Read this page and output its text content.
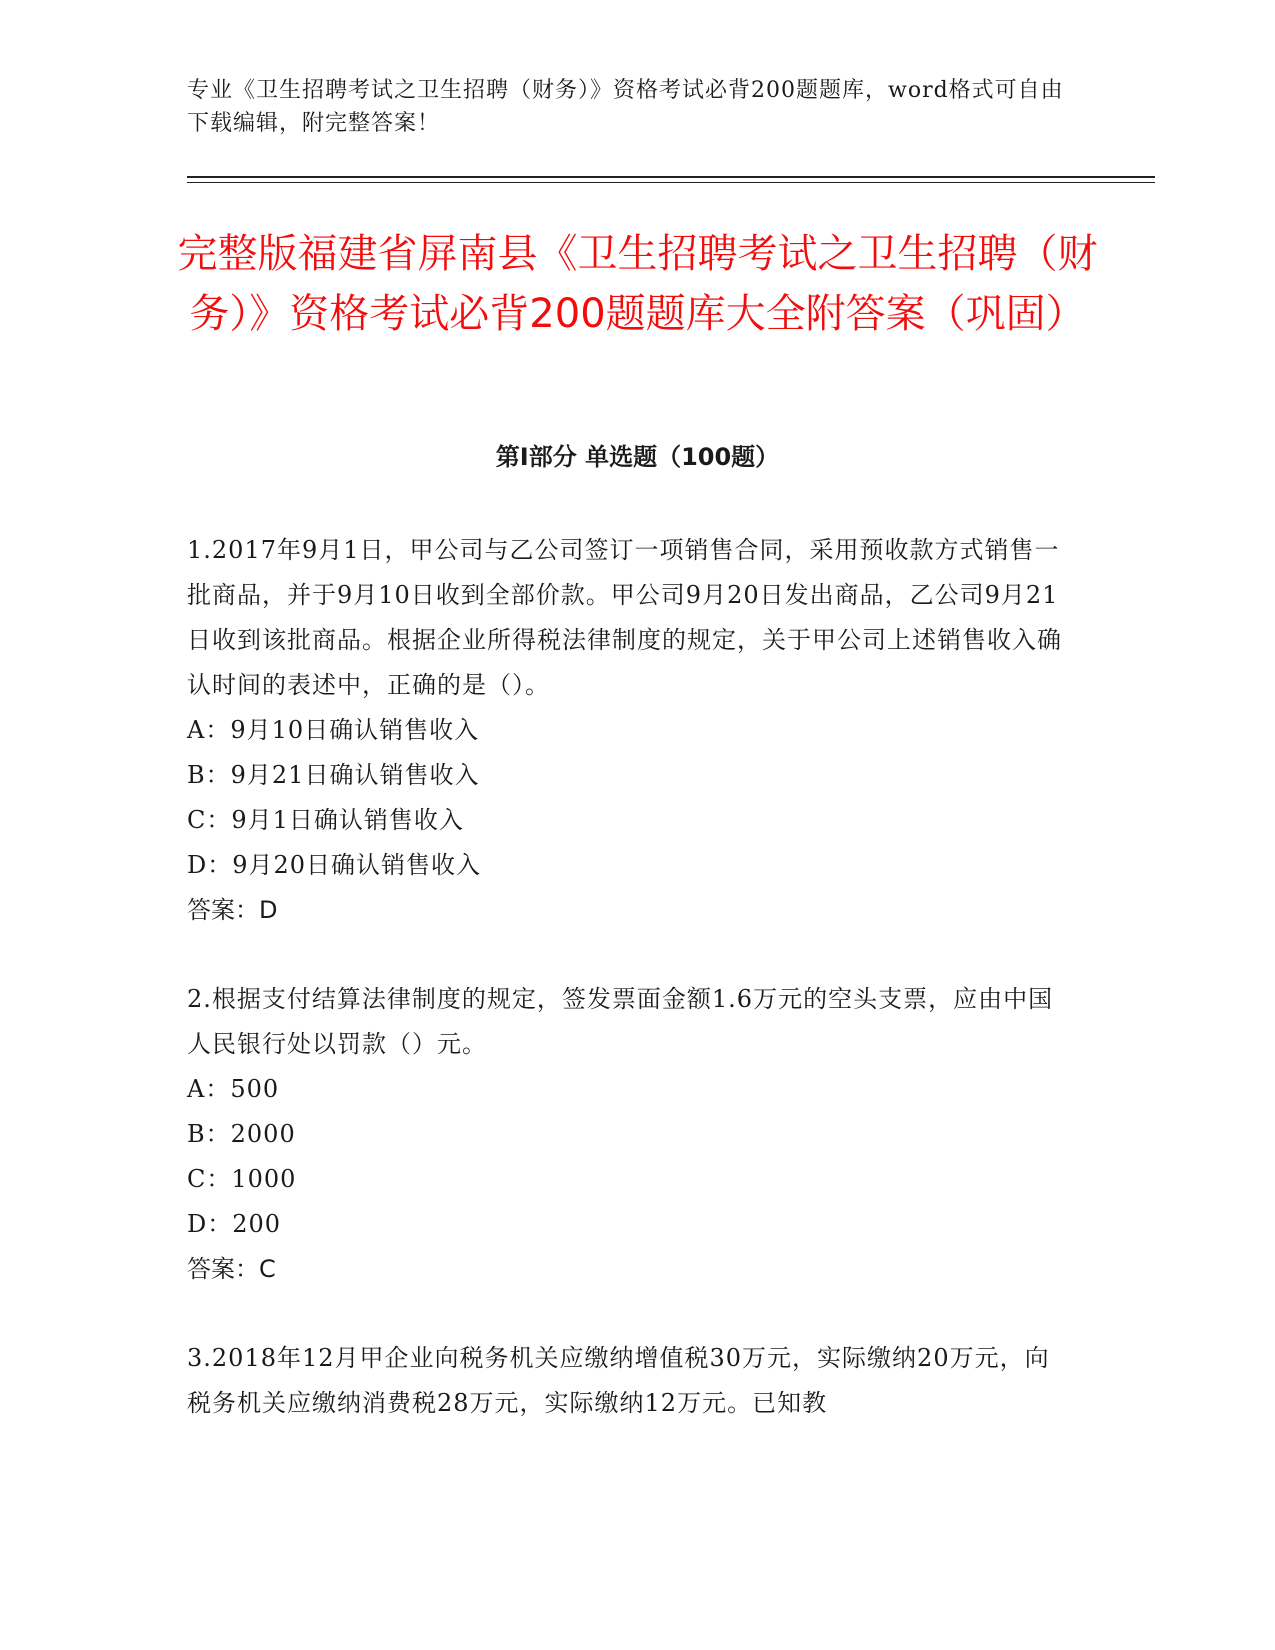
专业《卫生招聘考试之卫生招聘（财务）》资格考试必背200题题库，word格式可自由下载编辑，附完整答案！
完整版福建省屏南县《卫生招聘考试之卫生招聘（财务）》资格考试必背200题题库大全附答案（巩固）
第Ⅰ部分 单选题（100题）

1.2017年9月1日，甲公司与乙公司签订一项销售合同，采用预收款方式销售一批商品，并于9月10日收到全部价款。甲公司9月20日发出商品，乙公司9月21日收到该批商品。根据企业所得税法律制度的规定，关于甲公司上述销售收入确认时间的表述中，正确的是（）。

A：9月10日确认销售收入

B：9月21日确认销售收入

C：9月1日确认销售收入

D：9月20日确认销售收入

答案：D

2.根据支付结算法律制度的规定，签发票面金额1.6万元的空头支票，应由中国人民银行处以罚款（）元。

A：500

B：2000

C：1000

D：200

答案：C

3.2018年12月甲企业向税务机关应缴纳增值税30万元，实际缴纳20万元，向税务机关应缴纳消费税28万元，实际缴纳12万元。已知教
